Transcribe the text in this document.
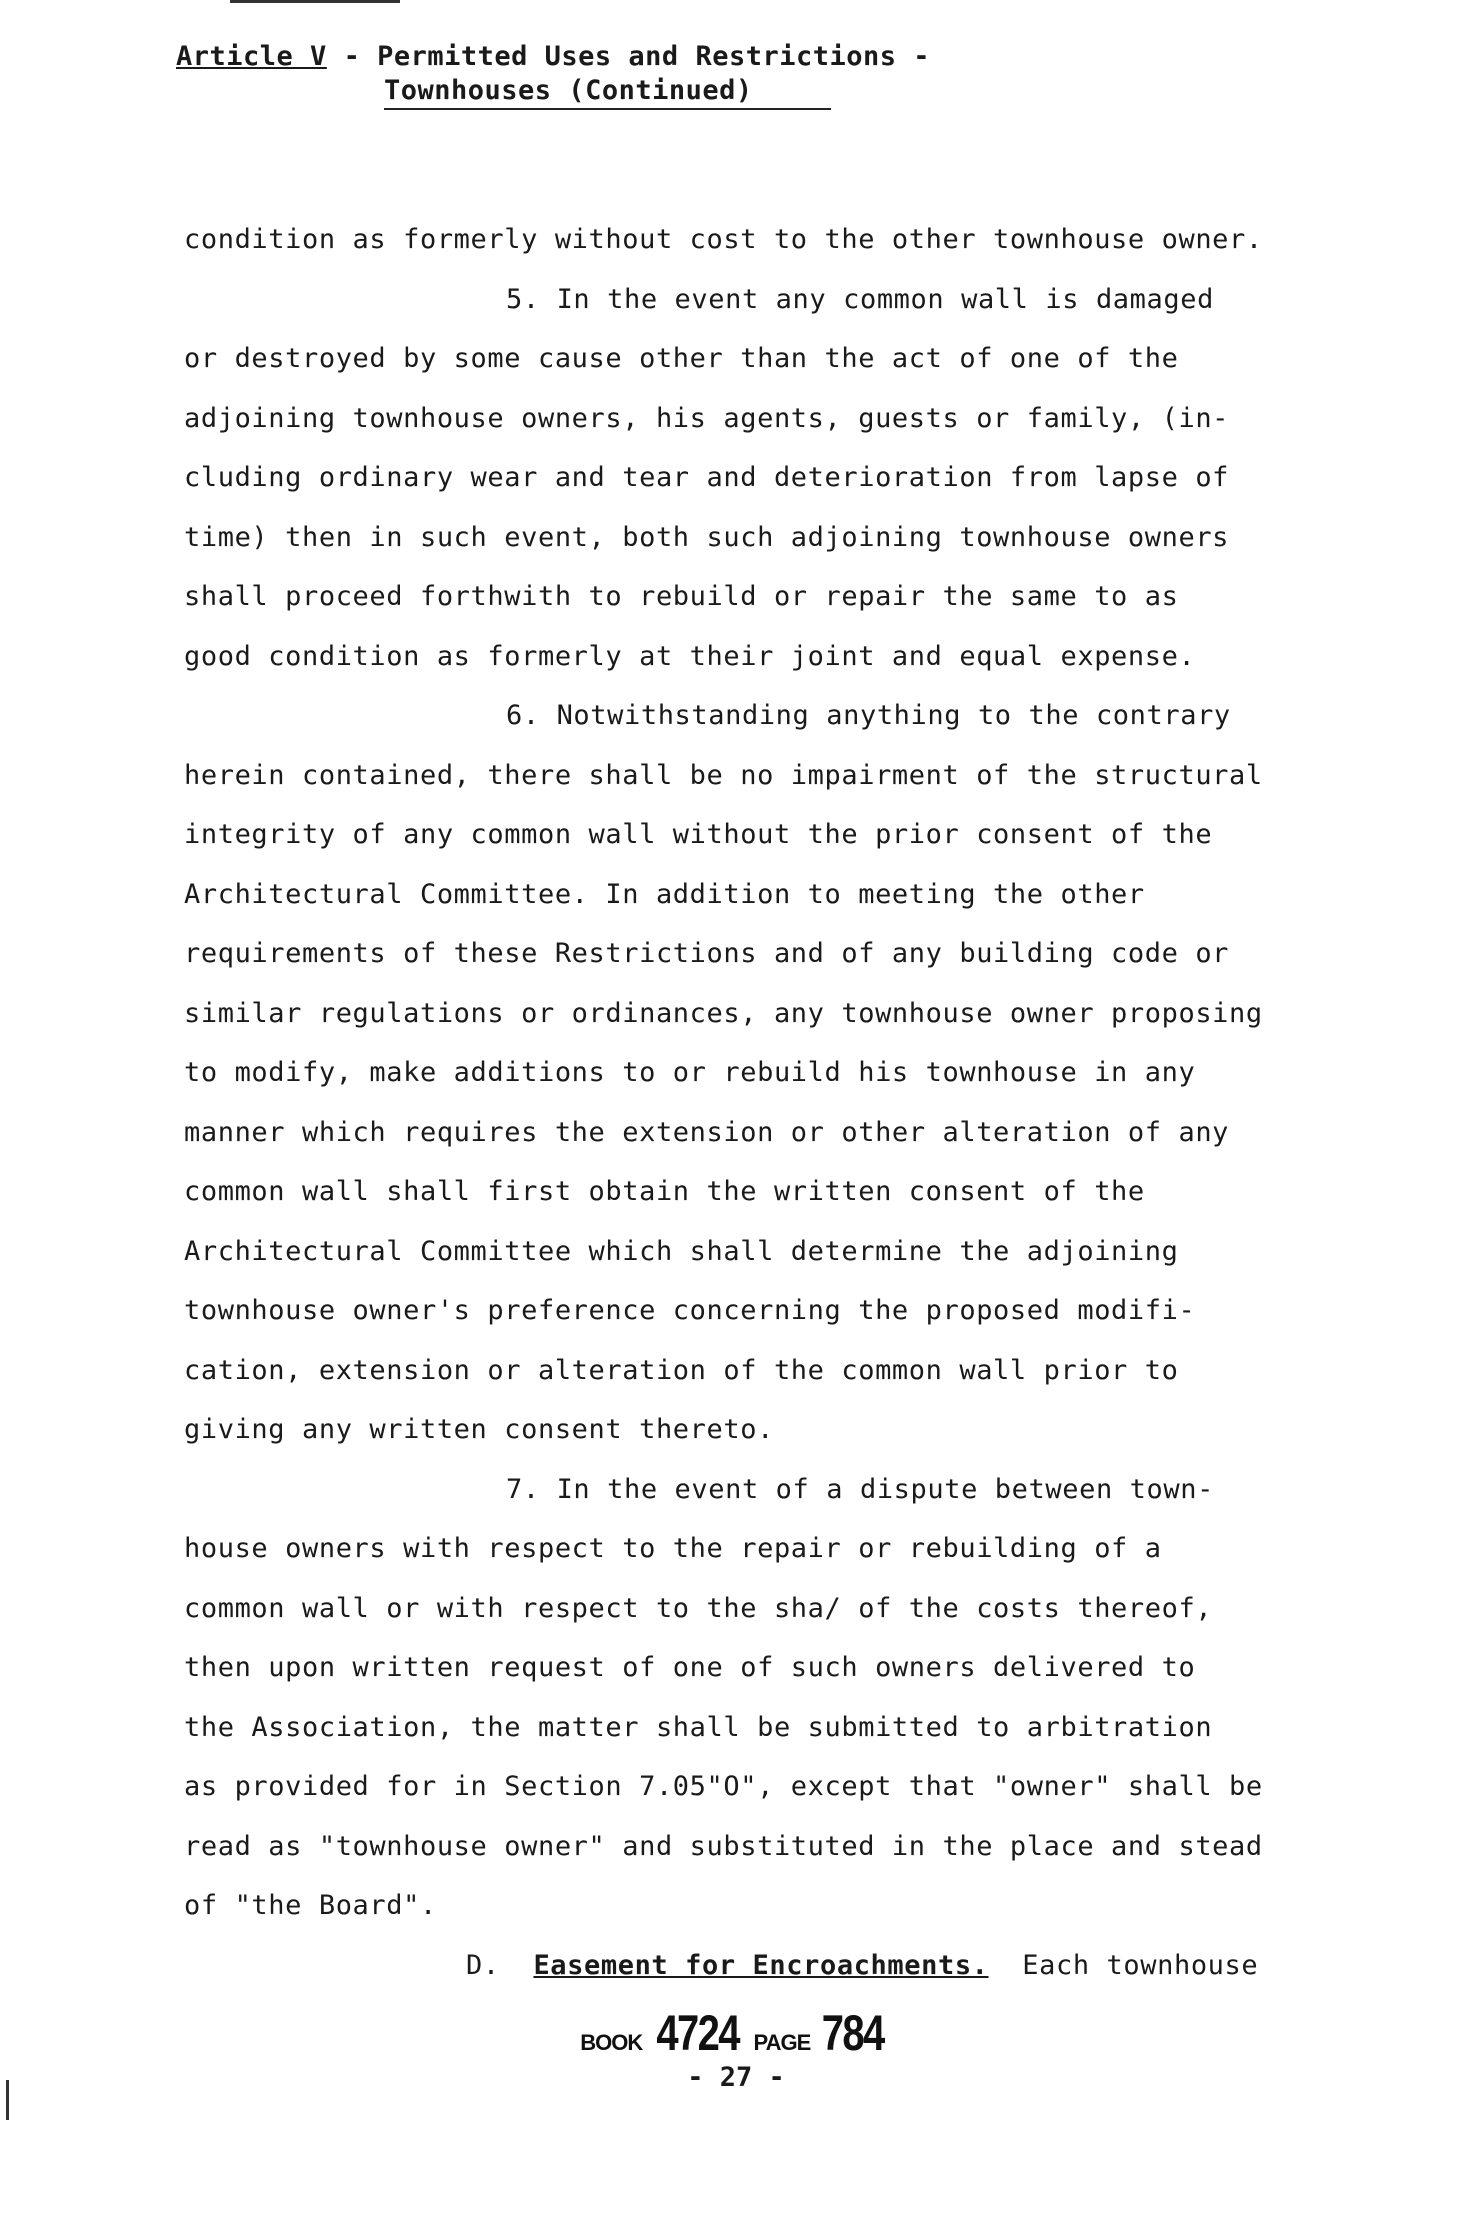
Article V - Permitted Uses and Restrictions -
Townhouses (Continued)
condition as formerly without cost to the other townhouse owner.
5. In the event any common wall is damaged
or destroyed by some cause other than the act of one of the
adjoining townhouse owners, his agents, guests or family, (in-
cluding ordinary wear and tear and deterioration from lapse of
time) then in such event, both such adjoining townhouse owners
shall proceed forthwith to rebuild or repair the same to as
good condition as formerly at their joint and equal expense.
6. Notwithstanding anything to the contrary
herein contained, there shall be no impairment of the structural
integrity of any common wall without the prior consent of the
Architectural Committee. In addition to meeting the other
requirements of these Restrictions and of any building code or
similar regulations or ordinances, any townhouse owner proposing
to modify, make additions to or rebuild his townhouse in any
manner which requires the extension or other alteration of any
common wall shall first obtain the written consent of the
Architectural Committee which shall determine the adjoining
townhouse owner's preference concerning the proposed modifi-
cation, extension or alteration of the common wall prior to
giving any written consent thereto.
7. In the event of a dispute between town-
house owners with respect to the repair or rebuilding of a
common wall or with respect to the sha/ of the costs thereof,
then upon written request of one of such owners delivered to
the Association, the matter shall be submitted to arbitration
as provided for in Section 7.05"O", except that "owner" shall be
read as "townhouse owner" and substituted in the place and stead
of "the Board".
D. Easement for Encroachments. Each townhouse
BOOK 4724 PAGE 784
- 27 -
